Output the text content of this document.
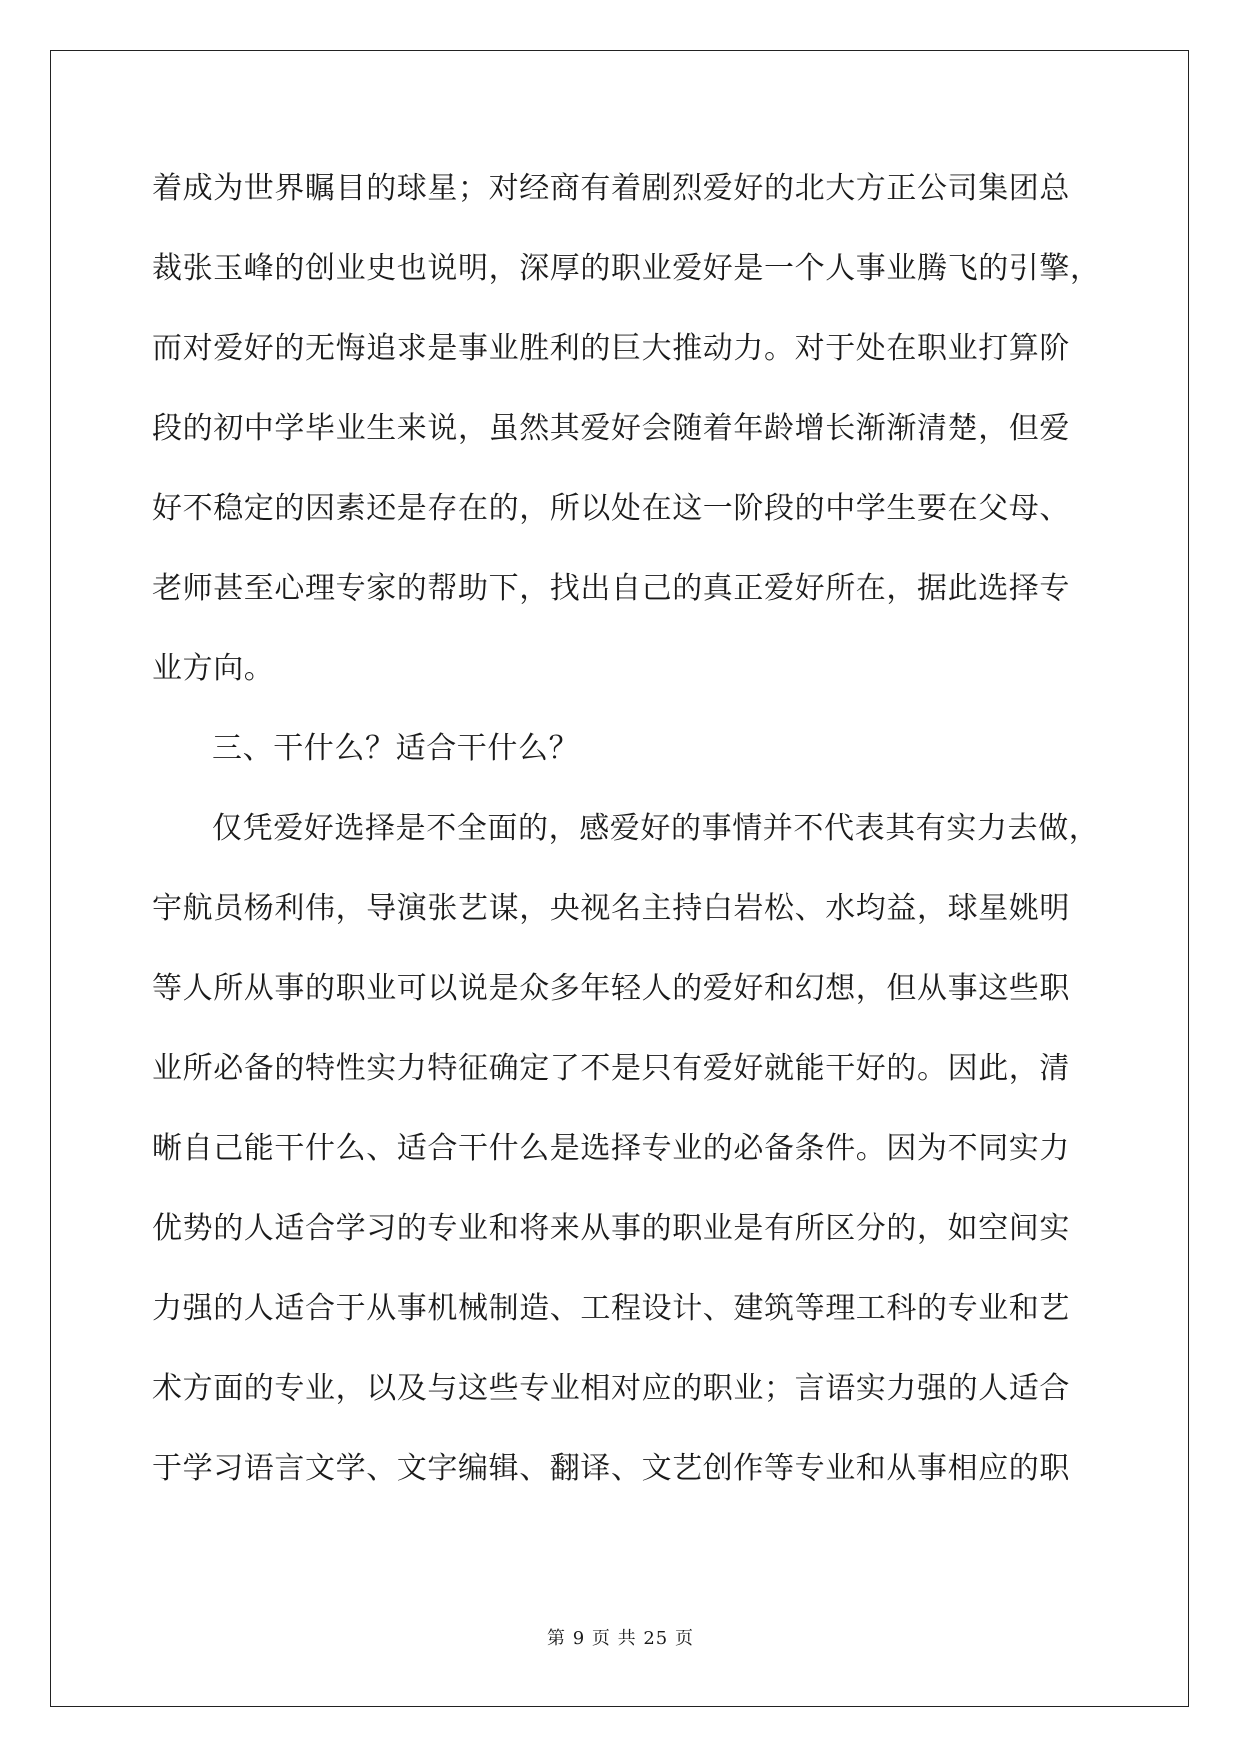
着成为世界瞩目的球星；对经商有着剧烈爱好的北大方正公司集团总
裁张玉峰的创业史也说明，深厚的职业爱好是一个人事业腾飞的引擎，
而对爱好的无悔追求是事业胜利的巨大推动力。对于处在职业打算阶
段的初中学毕业生来说，虽然其爱好会随着年龄增长渐渐清楚，但爱
好不稳定的因素还是存在的，所以处在这一阶段的中学生要在父母、
老师甚至心理专家的帮助下，找出自己的真正爱好所在，据此选择专
业方向。
三、干什么？适合干什么？
仅凭爱好选择是不全面的，感爱好的事情并不代表其有实力去做，
宇航员杨利伟，导演张艺谋，央视名主持白岩松、水均益，球星姚明
等人所从事的职业可以说是众多年轻人的爱好和幻想，但从事这些职
业所必备的特性实力特征确定了不是只有爱好就能干好的。因此，清
晰自己能干什么、适合干什么是选择专业的必备条件。因为不同实力
优势的人适合学习的专业和将来从事的职业是有所区分的，如空间实
力强的人适合于从事机械制造、工程设计、建筑等理工科的专业和艺
术方面的专业，以及与这些专业相对应的职业；言语实力强的人适合
于学习语言文学、文字编辑、翻译、文艺创作等专业和从事相应的职
第 9 页 共 25 页
